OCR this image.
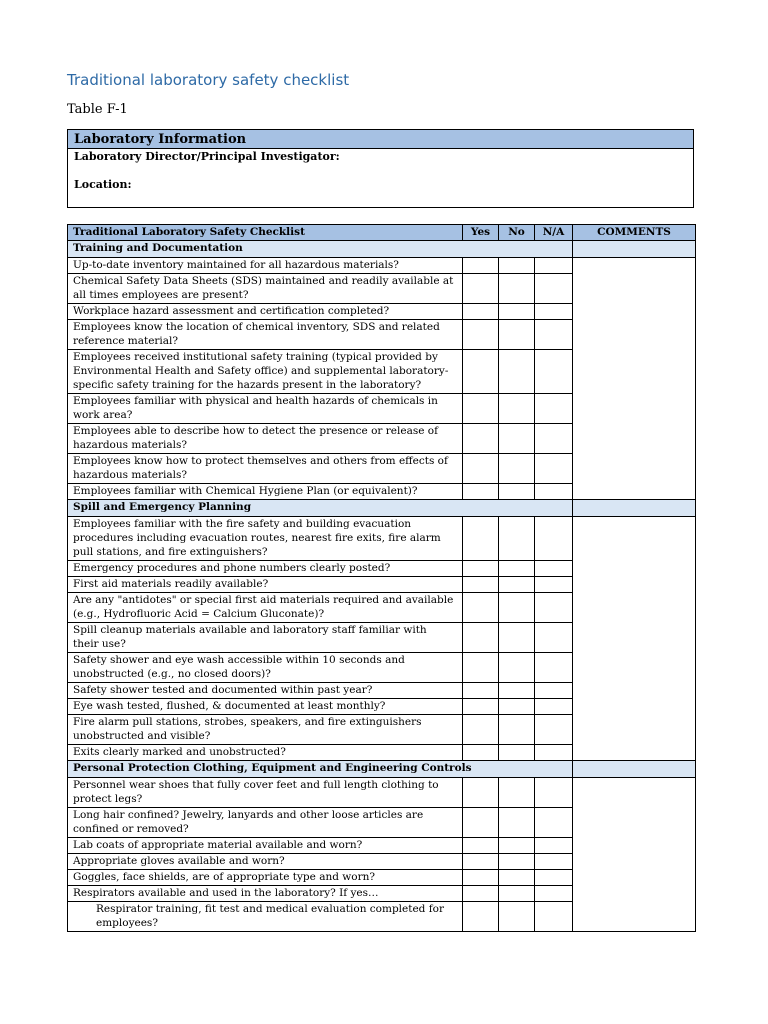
Traditional laboratory safety checklist
Table F-1
Laboratory Information
Laboratory Director/Principal Investigator:
Location:
Traditional Laboratory Safety Checklist	Yes	No	N/A	COMMENTS
Training and Documentation				

Up-to-date inventory maintained for all hazardous materials?				

Chemical Safety Data Sheets (SDS) maintained and readily available at
all times employees are present?				

Workplace hazard assessment and certification completed?				

Employees know the location of chemical inventory, SDS and related
reference material?				

Employees received institutional safety training (typical provided by
Environmental Health and Safety office) and supplemental laboratory-
specific safety training for the hazards present in the laboratory?				

Employees familiar with physical and health hazards of chemicals in
work area?				

Employees able to describe how to detect the presence or release of
hazardous materials?				

Employees know how to protect themselves and others from effects of
hazardous materials?				

Employees familiar with Chemical Hygiene Plan (or equivalent)?				

Spill and Emergency Planning				

Employees familiar with the fire safety and building evacuation
procedures including evacuation routes, nearest fire exits, fire alarm
pull stations, and fire extinguishers?				

Emergency procedures and phone numbers clearly posted?				

First aid materials readily available?				

Are any "antidotes" or special first aid materials required and available
(e.g., Hydrofluoric Acid = Calcium Gluconate)?				

Spill cleanup materials available and laboratory staff familiar with
their use?				

Safety shower and eye wash accessible within 10 seconds and
unobstructed (e.g., no closed doors)?				

Safety shower tested and documented within past year?				

Eye wash tested, flushed, & documented at least monthly?				

Fire alarm pull stations, strobes, speakers, and fire extinguishers
unobstructed and visible?				

Exits clearly marked and unobstructed?				

Personal Protection Clothing, Equipment and Engineering Controls				

Personnel wear shoes that fully cover feet and full length clothing to
protect legs?				

Long hair confined? Jewelry, lanyards and other loose articles are
confined or removed?				

Lab coats of appropriate material available and worn?				

Appropriate gloves available and worn?				

Goggles, face shields, are of appropriate type and worn?				

Respirators available and used in the laboratory? If yes…				

Respirator training, fit test and medical evaluation completed for
employees?				
